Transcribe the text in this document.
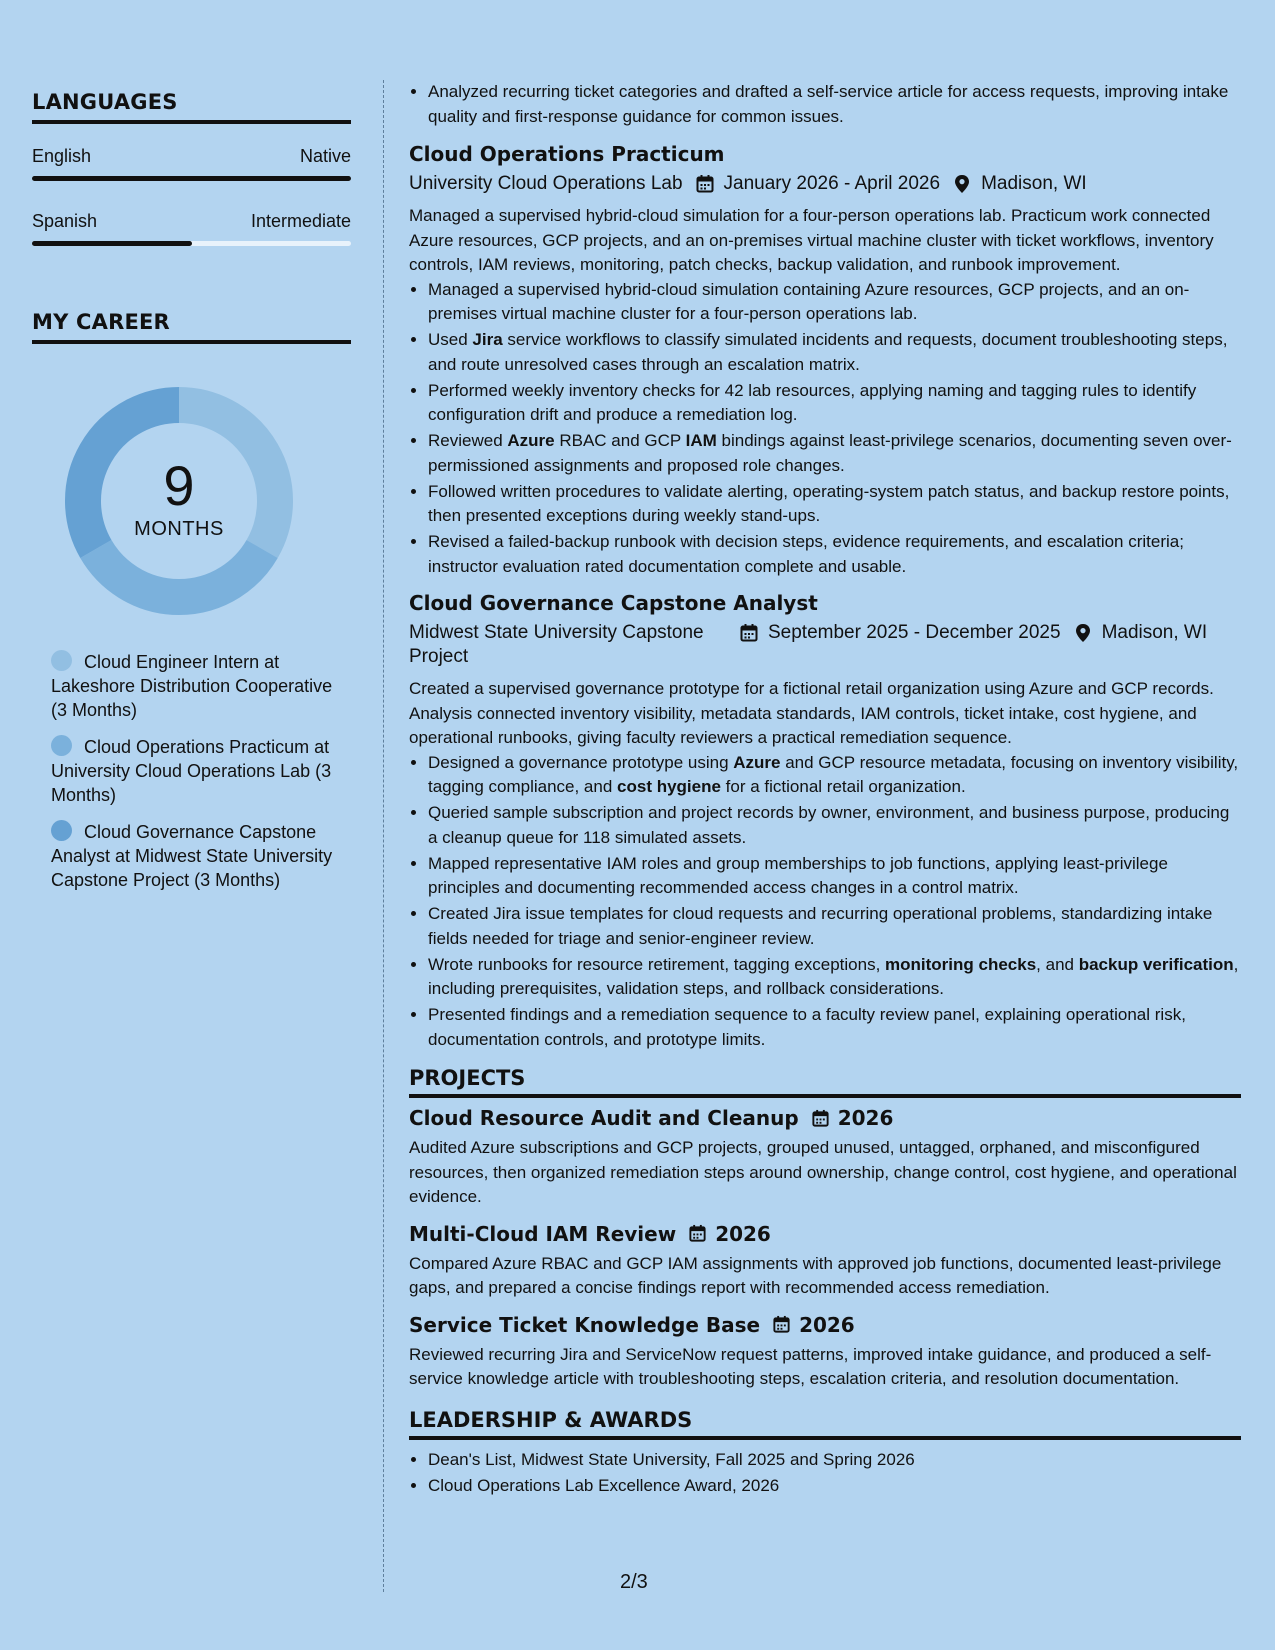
LANGUAGES
English	Native
Spanish	Intermediate
MY CAREER
9
MONTHS
Cloud Engineer Intern at Lakeshore Distribution Cooperative (3 Months)
Cloud Operations Practicum at University Cloud Operations Lab (3 Months)
Cloud Governance Capstone Analyst at Midwest State University Capstone Project (3 Months)
• Analyzed recurring ticket categories and drafted a self-service article for access requests, improving intake quality and first-response guidance for common issues.
Cloud Operations Practicum
University Cloud Operations Lab January 2026 - April 2026 Madison, WI

Managed a supervised hybrid-cloud simulation for a four-person operations lab. Practicum work connected Azure resources, GCP projects, and an on-premises virtual machine cluster with ticket workflows, inventory controls, IAM reviews, monitoring, patch checks, backup validation, and runbook improvement.

• Managed a supervised hybrid-cloud simulation containing Azure resources, GCP projects, and an on-premises virtual machine cluster for a four-person operations lab.
• Used Jira service workflows to classify simulated incidents and requests, document troubleshooting steps, and route unresolved cases through an escalation matrix.
• Performed weekly inventory checks for 42 lab resources, applying naming and tagging rules to identify configuration drift and produce a remediation log.
• Reviewed Azure RBAC and GCP IAM bindings against least-privilege scenarios, documenting seven over-permissioned assignments and proposed role changes.
• Followed written procedures to validate alerting, operating-system patch status, and backup restore points, then presented exceptions during weekly stand-ups.
• Revised a failed-backup runbook with decision steps, evidence requirements, and escalation criteria; instructor evaluation rated documentation complete and usable.
Cloud Governance Capstone Analyst
Midwest State University Capstone Project
September 2025 - December 2025 Madison, WI

Created a supervised governance prototype for a fictional retail organization using Azure and GCP records. Analysis connected inventory visibility, metadata standards, IAM controls, ticket intake, cost hygiene, and operational runbooks, giving faculty reviewers a practical remediation sequence.

• Designed a governance prototype using Azure and GCP resource metadata, focusing on inventory visibility, tagging compliance, and cost hygiene for a fictional retail organization.
• Queried sample subscription and project records by owner, environment, and business purpose, producing a cleanup queue for 118 simulated assets.
• Mapped representative IAM roles and group memberships to job functions, applying least-privilege principles and documenting recommended access changes in a control matrix.
• Created Jira issue templates for cloud requests and recurring operational problems, standardizing intake fields needed for triage and senior-engineer review.
• Wrote runbooks for resource retirement, tagging exceptions, monitoring checks, and backup verification, including prerequisites, validation steps, and rollback considerations.
• Presented findings and a remediation sequence to a faculty review panel, explaining operational risk, documentation controls, and prototype limits.
PROJECTS
Cloud Resource Audit and Cleanup 2026

Audited Azure subscriptions and GCP projects, grouped unused, untagged, orphaned, and misconfigured resources, then organized remediation steps around ownership, change control, cost hygiene, and operational evidence.

Multi-Cloud IAM Review 2026

Compared Azure RBAC and GCP IAM assignments with approved job functions, documented least-privilege gaps, and prepared a concise findings report with recommended access remediation.

Service Ticket Knowledge Base 2026

Reviewed recurring Jira and ServiceNow request patterns, improved intake guidance, and produced a self-service knowledge article with troubleshooting steps, escalation criteria, and resolution documentation.

LEADERSHIP & AWARDS
• Dean's List, Midwest State University, Fall 2025 and Spring 2026
• Cloud Operations Lab Excellence Award, 2026
2/3
